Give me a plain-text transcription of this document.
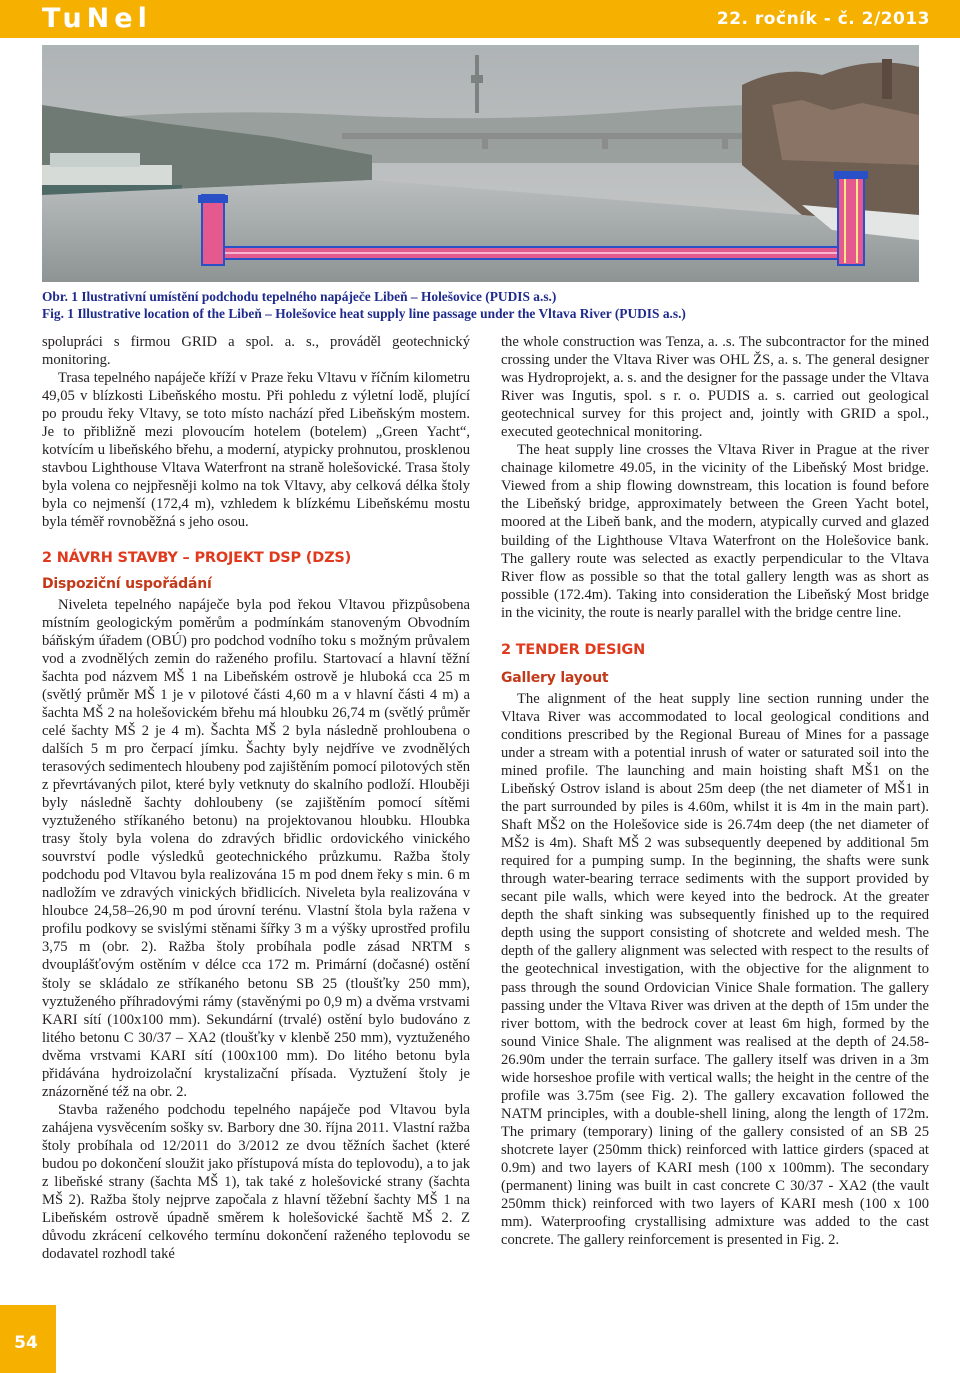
TuNel	22. ročník - č. 2/2013

Obr. 1 Ilustrativní umístění podchodu tepelného napáječe Libeň – Holešovice (PUDIS a.s.)

Fig. 1 Illustrative location of the Libeň – Holešovice heat supply line passage under the Vltava River (PUDIS a.s.)

spolupráci s firmou GRID a spol. a. s., prováděl geotechnický monitoring.

Trasa tepelného napáječe kříží v Praze řeku Vltavu v říčním kilometru 49,05 v blízkosti Libeňského mostu. Při pohledu z výletní lodě, plující po proudu řeky Vltavy, se toto místo nachází před Libeňským mostem. Je to přibližně mezi plovoucím hotelem (botelem) „Green Yacht“, kotvícím u libeňského břehu, a moderní, atypicky prohnutou, prosklenou stavbou Lighthouse Vltava Waterfront na straně holešovické. Trasa štoly byla volena co nejpřesněji kolmo na tok Vltavy, aby celková délka štoly byla co nejmenší (172,4 m), vzhledem k blízkému Libeňskému mostu byla téměř rovnoběžná s jeho osou.

2 NÁVRH STAVBY – PROJEKT DSP (DZS)
Dispoziční uspořádání

Niveleta tepelného napáječe byla pod řekou Vltavou přizpůsobena místním geologickým poměrům a podmínkám stanoveným Obvodním báňským úřadem (OBÚ) pro podchod vodního toku s možným průvalem vod a zvodnělých zemin do raženého profilu. Startovací a hlavní těžní šachta pod názvem MŠ 1 na Libeňském ostrově je hluboká cca 25 m (světlý průměr MŠ 1 je v pilotové části 4,60 m a v hlavní části 4 m) a šachta MŠ 2 na holešovickém břehu má hloubku 26,74 m (světlý průměr celé šachty MŠ 2 je 4 m). Šachta MŠ 2 byla následně prohloubena o dalších 5 m pro čerpací jímku. Šachty byly nejdříve ve zvodnělých terasových sedimentech hloubeny pod zajištěním pomocí pilotových stěn z převrtávaných pilot, které byly vetknuty do skalního podloží. Hlouběji byly následně šachty dohloubeny (se zajištěním pomocí sítěmi vyztuženého stříkaného betonu) na projektovanou hloubku. Hloubka trasy štoly byla volena do zdravých břidlic ordovického vinického souvrství podle výsledků geotechnického průzkumu. Ražba štoly podchodu pod Vltavou byla realizována 15 m pod dnem řeky s min. 6 m nadložím ve zdravých vinických břidlicích. Niveleta byla realizována v hloubce 24,58–26,90 m pod úrovní terénu. Vlastní štola byla ražena v profilu podkovy se svislými stěnami šířky 3 m a výšky uprostřed profilu 3,75 m (obr. 2). Ražba štoly probíhala podle zásad NRTM s dvouplášťovým ostěním v délce cca 172 m. Primární (dočasné) ostění štoly se skládalo ze stříkaného betonu SB 25 (tloušťky 250 mm), vyztuženého příhradovými rámy (stavěnými po 0,9 m) a dvěma vrstvami KARI sítí (100x100 mm). Sekundární (trvalé) ostění bylo budováno z litého betonu C 30/37 – XA2 (tloušťky v klenbě 250 mm), vyztuženého dvěma vrstvami KARI sítí (100x100 mm). Do litého betonu byla přidávána hydroizolační krystalizační přísada. Vyztužení štoly je znázorněné též na obr. 2.

Stavba raženého podchodu tepelného napáječe pod Vltavou byla zahájena vysvěcením sošky sv. Barbory dne 30. října 2011. Vlastní ražba štoly probíhala od 12/2011 do 3/2012 ze dvou těžních šachet (které budou po dokončení sloužit jako přístupová místa do teplovodu), a to jak z libeňské strany (šachta MŠ 1), tak také z holešovické strany (šachta MŠ 2). Ražba štoly nejprve započala z hlavní těžební šachty MŠ 1 na Libeňském ostrově úpadně směrem k holešovické šachtě MŠ 2. Z důvodu zkrácení celkového termínu dokončení raženého teplovodu se dodavatel rozhodl také

the whole construction was Tenza, a. .s. The subcontractor for the mined crossing under the Vltava River was OHL ŽS, a. s. The general designer was Hydroprojekt, a. s. and the designer for the passage under the Vltava River was Ingutis, spol. s r. o. PUDIS a. s. carried out geological geotechnical survey for this project and, jointly with GRID a spol., executed geotechnical monitoring.

The heat supply line crosses the Vltava River in Prague at the river chainage kilometre 49.05, in the vicinity of the Libeňský Most bridge. Viewed from a ship flowing downstream, this location is found before the Libeňský bridge, approximately between the Green Yacht botel, moored at the Libeň bank, and the modern, atypically curved and glazed building of the Lighthouse Vltava Waterfront on the Holešovice bank. The gallery route was selected as exactly perpendicular to the Vltava River flow as possible so that the total gallery length was as short as possible (172.4m). Taking into consideration the Libeňský Most bridge in the vicinity, the route is nearly parallel with the bridge centre line.

2 TENDER DESIGN
Gallery layout

The alignment of the heat supply line section running under the Vltava River was accommodated to local geological conditions and conditions prescribed by the Regional Bureau of Mines for a passage under a stream with a potential inrush of water or saturated soil into the mined profile. The launching and main hoisting shaft MŠ1 on the Libeňský Ostrov island is about 25m deep (the net diameter of MŠ1 in the part surrounded by piles is 4.60m, whilst it is 4m in the main part). Shaft MŠ2 on the Holešovice side is 26.74m deep (the net diameter of MŠ2 is 4m). Shaft MŠ 2 was subsequently deepened by additional 5m required for a pumping sump. In the beginning, the shafts were sunk through water-bearing terrace sediments with the support provided by secant pile walls, which were keyed into the bedrock. At the greater depth the shaft sinking was subsequently finished up to the required depth using the support consisting of shotcrete and welded mesh. The depth of the gallery alignment was selected with respect to the results of the geotechnical investigation, with the objective for the alignment to pass through the sound Ordovician Vinice Shale formation. The gallery passing under the Vltava River was driven at the depth of 15m under the river bottom, with the bedrock cover at least 6m high, formed by the sound Vinice Shale. The alignment was realised at the depth of 24.58-26.90m under the terrain surface. The gallery itself was driven in a 3m wide horseshoe profile with vertical walls; the height in the centre of the profile was 3.75m (see Fig. 2). The gallery excavation followed the NATM principles, with a double-shell lining, along the length of 172m. The primary (temporary) lining of the gallery consisted of an SB 25 shotcrete layer (250mm thick) reinforced with lattice girders (spaced at 0.9m) and two layers of KARI mesh (100 x 100mm). The secondary (permanent) lining was built in cast concrete C 30/37 - XA2 (the vault 250mm thick) reinforced with two layers of KARI mesh (100 x 100 mm). Waterproofing crystallising admixture was added to the cast concrete. The gallery reinforcement is presented in Fig. 2.

54
